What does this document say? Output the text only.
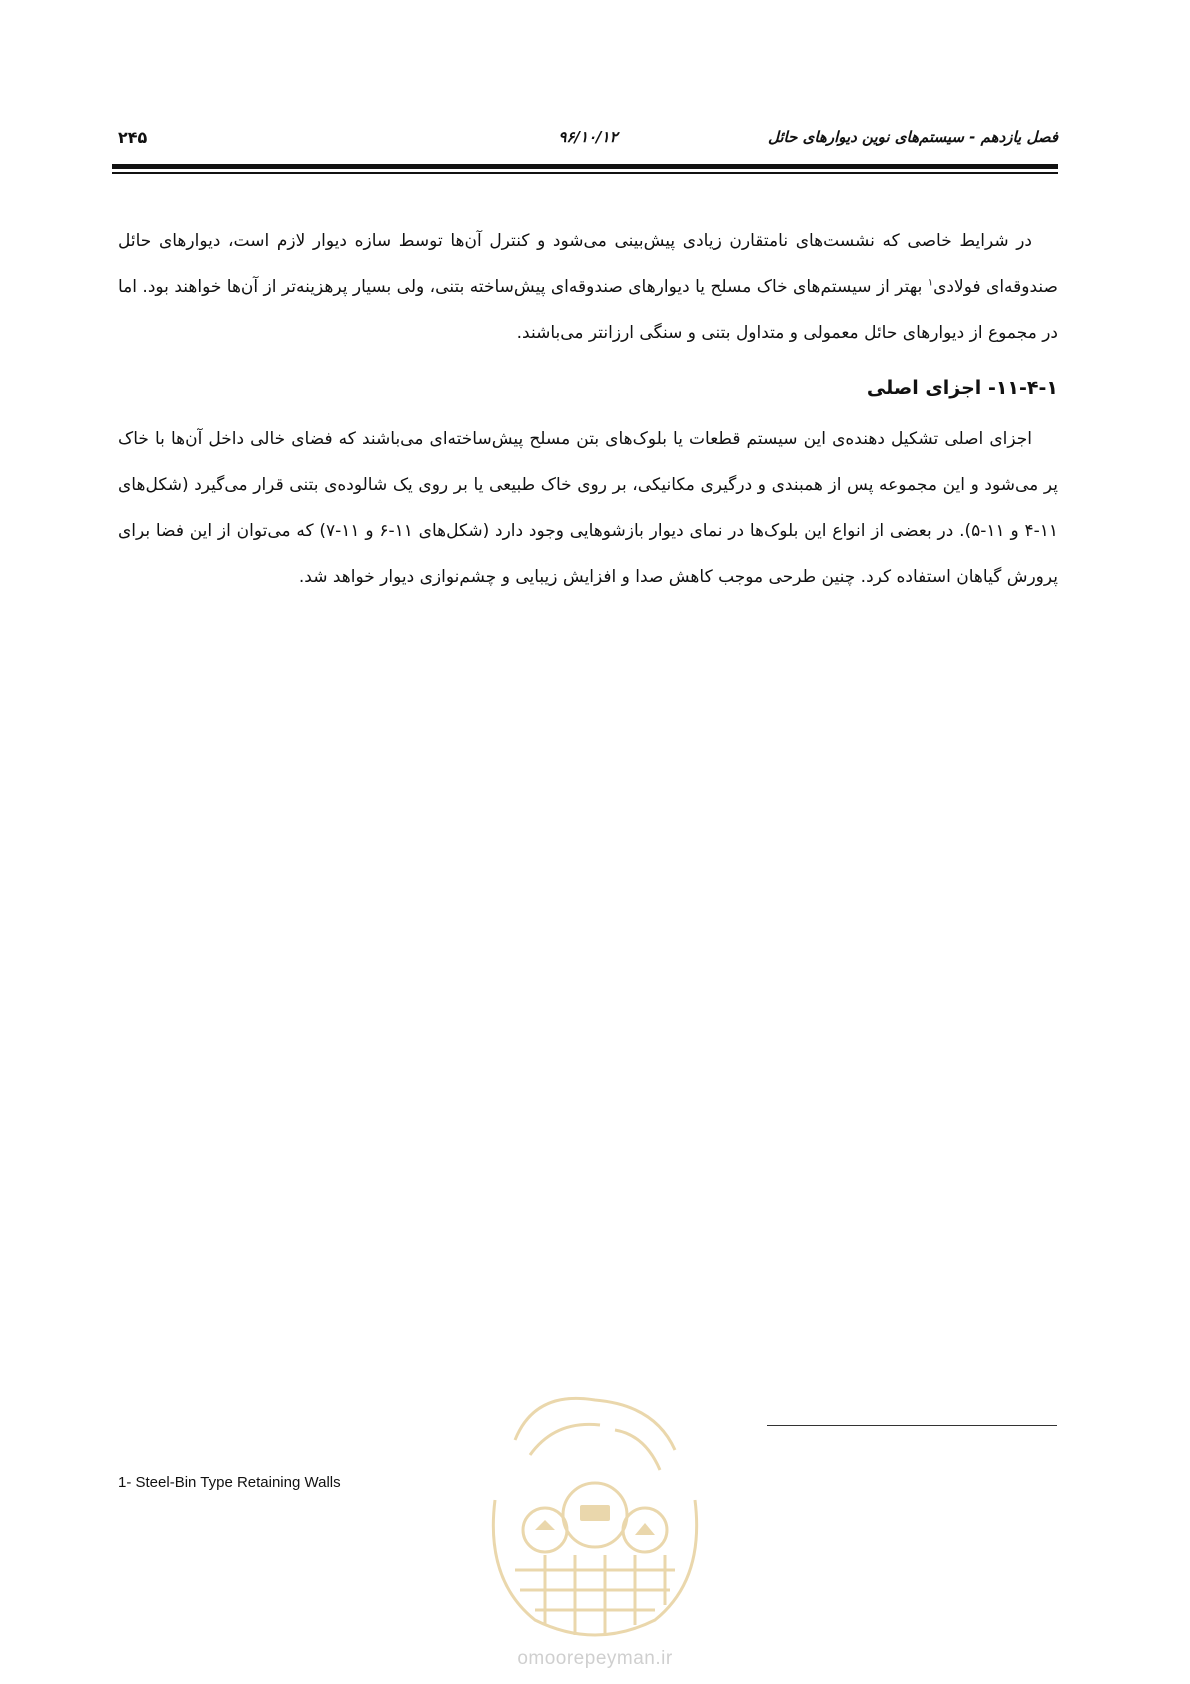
فصل یازدهم - سیستم‌های نوین دیوارهای حائل
۹۶/۱۰/۱۲
۲۴۵

در شرایط خاصی که نشست‌های نامتقارن زیادی پیش‌بینی می‌شود و کنترل آن‌ها توسط سازه دیوار لازم است، دیوارهای حائل صندوقه‌ای فولادی$^۱$ بهتر از سیستم‌های خاک مسلح یا دیوارهای صندوقه‌ای پیش‌ساخته بتنی، ولی بسیار پرهزینه‌تر از آن‌ها خواهند بود. اما در مجموع از دیوارهای حائل معمولی و متداول بتنی و سنگی ارزانتر می‌باشند.

۱۱-۴-۱- اجزای اصلی

اجزای اصلی تشکیل دهنده‌ی این سیستم قطعات یا بلوک‌های بتن مسلح پیش‌ساخته‌ای می‌باشند که فضای خالی داخل آن‌ها با خاک پر می‌شود و این مجموعه پس از همبندی و درگیری مکانیکی، بر روی خاک طبیعی یا بر روی یک شالوده‌ی بتنی قرار می‌گیرد (شکل‌های ۱۱-۴ و ۱۱-۵). در بعضی از انواع این بلوک‌ها در نمای دیوار بازشوهایی وجود دارد (شکل‌های ۱۱-۶ و ۱۱-۷) که می‌توان از این فضا برای پرورش گیاهان استفاده کرد. چنین طرحی موجب کاهش صدا و افزایش زیبایی و چشم‌نوازی دیوار خواهد شد.

1- Steel-Bin Type Retaining Walls
omoorepeyman.ir
